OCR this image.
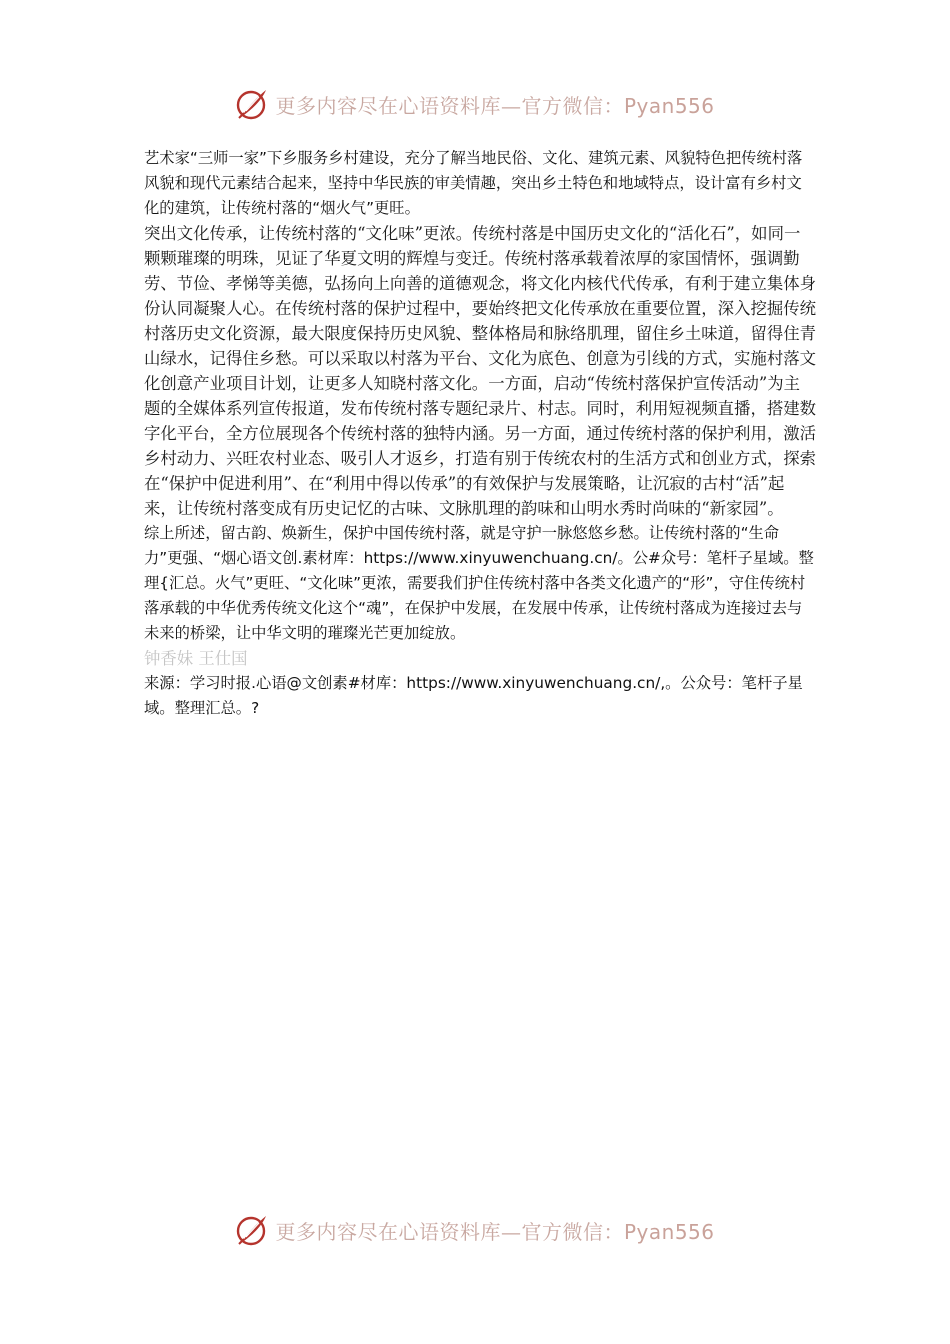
更多内容尽在心语资料库—官方微信：Pyan556

艺术家“三师一家”下乡服务乡村建设，充分了解当地民俗、文化、建筑元素、风貌特色把传统村落风貌和现代元素结合起来，坚持中华民族的审美情趣，突出乡土特色和地域特点，设计富有乡村文化的建筑，让传统村落的“烟火气”更旺。

突出文化传承，让传统村落的“文化味”更浓。传统村落是中国历史文化的“活化石”，如同一颗颗璀璨的明珠，见证了华夏文明的辉煌与变迁。传统村落承载着浓厚的家国情怀，强调勤劳、节俭、孝悌等美德，弘扬向上向善的道德观念，将文化内核代代传承，有利于建立集体身份认同凝聚人心。在传统村落的保护过程中，要始终把文化传承放在重要位置，深入挖掘传统村落历史文化资源，最大限度保持历史风貌、整体格局和脉络肌理，留住乡土味道，留得住青山绿水，记得住乡愁。可以采取以村落为平台、文化为底色、创意为引线的方式，实施村落文化创意产业项目计划，让更多人知晓村落文化。一方面，启动“传统村落保护宣传活动”为主题的全媒体系列宣传报道，发布传统村落专题纪录片、村志。同时，利用短视频直播，搭建数字化平台，全方位展现各个传统村落的独特内涵。另一方面，通过传统村落的保护利用，激活乡村动力、兴旺农村业态、吸引人才返乡，打造有别于传统农村的生活方式和创业方式，探索在“保护中促进利用”、在“利用中得以传承”的有效保护与发展策略，让沉寂的古村“活”起来，让传统村落变成有历史记忆的古味、文脉肌理的韵味和山明水秀时尚味的“新家园”。

综上所述，留古韵、焕新生，保护中国传统村落，就是守护一脉悠悠乡愁。让传统村落的“生命力”更强、“烟心语文创.素材库：https://www.xinyuwenchuang.cn/。公#众号：笔杆子星域。整理{汇总。火气”更旺、“文化味”更浓，需要我们护住传统村落中各类文化遗产的“形”，守住传统村落承载的中华优秀传统文化这个“魂”，在保护中发展，在发展中传承，让传统村落成为连接过去与未来的桥梁，让中华文明的璀璨光芒更加绽放。

钟香妹 王仕国

来源：学习时报.心语@文创素#材库：https://www.xinyuwenchuang.cn/,。公众号：笔杆子星域。整理汇总。?

更多内容尽在心语资料库—官方微信：Pyan556
